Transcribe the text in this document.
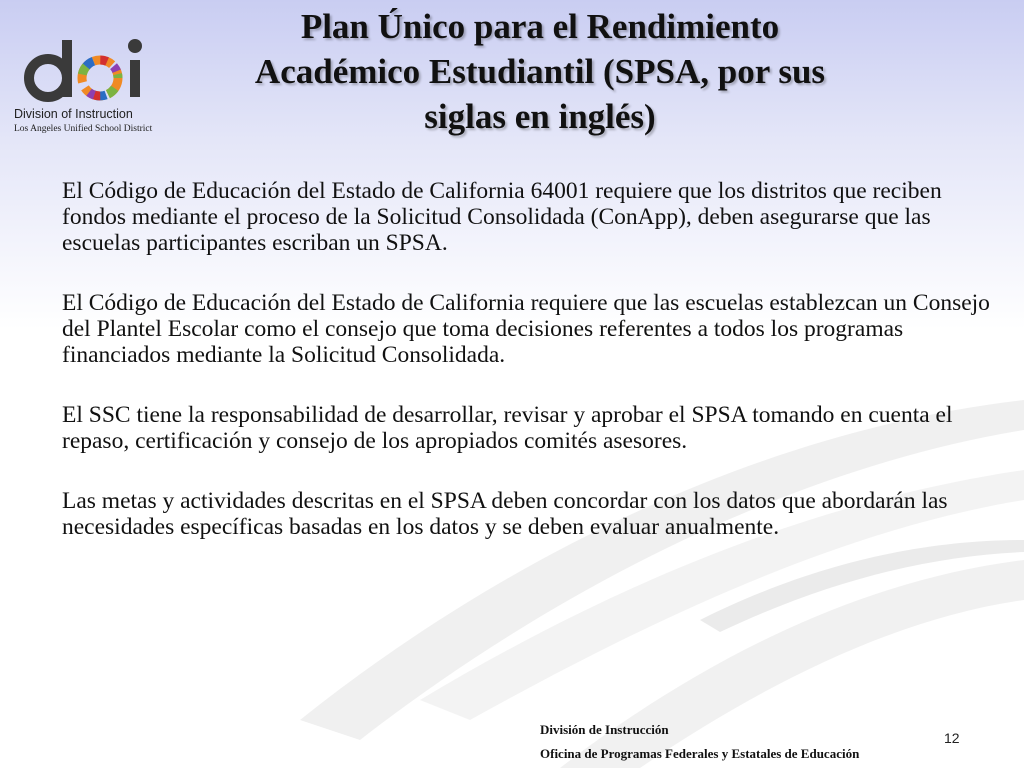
Division of Instruction
Los Angeles Unified School District
Plan Único para el Rendimiento
Académico Estudiantil (SPSA, por sus
siglas en inglés)

El Código de Educación del Estado de California 64001 requiere que los distritos que reciben fondos mediante el proceso de la Solicitud Consolidada (ConApp), deben asegurarse que las escuelas participantes escriban un SPSA.

El Código de Educación del Estado de California requiere que las escuelas establezcan un Consejo del Plantel Escolar como el consejo que toma decisiones referentes a todos los programas financiados mediante la Solicitud Consolidada.

El SSC tiene la responsabilidad de desarrollar, revisar y aprobar el SPSA tomando en cuenta el repaso, certificación y consejo de los apropiados comités asesores.

Las metas y actividades descritas en el SPSA deben concordar con los datos que abordarán las necesidades específicas basadas en los datos y se deben evaluar anualmente.

División de Instrucción
Oficina de Programas Federales y Estatales de Educación
12
